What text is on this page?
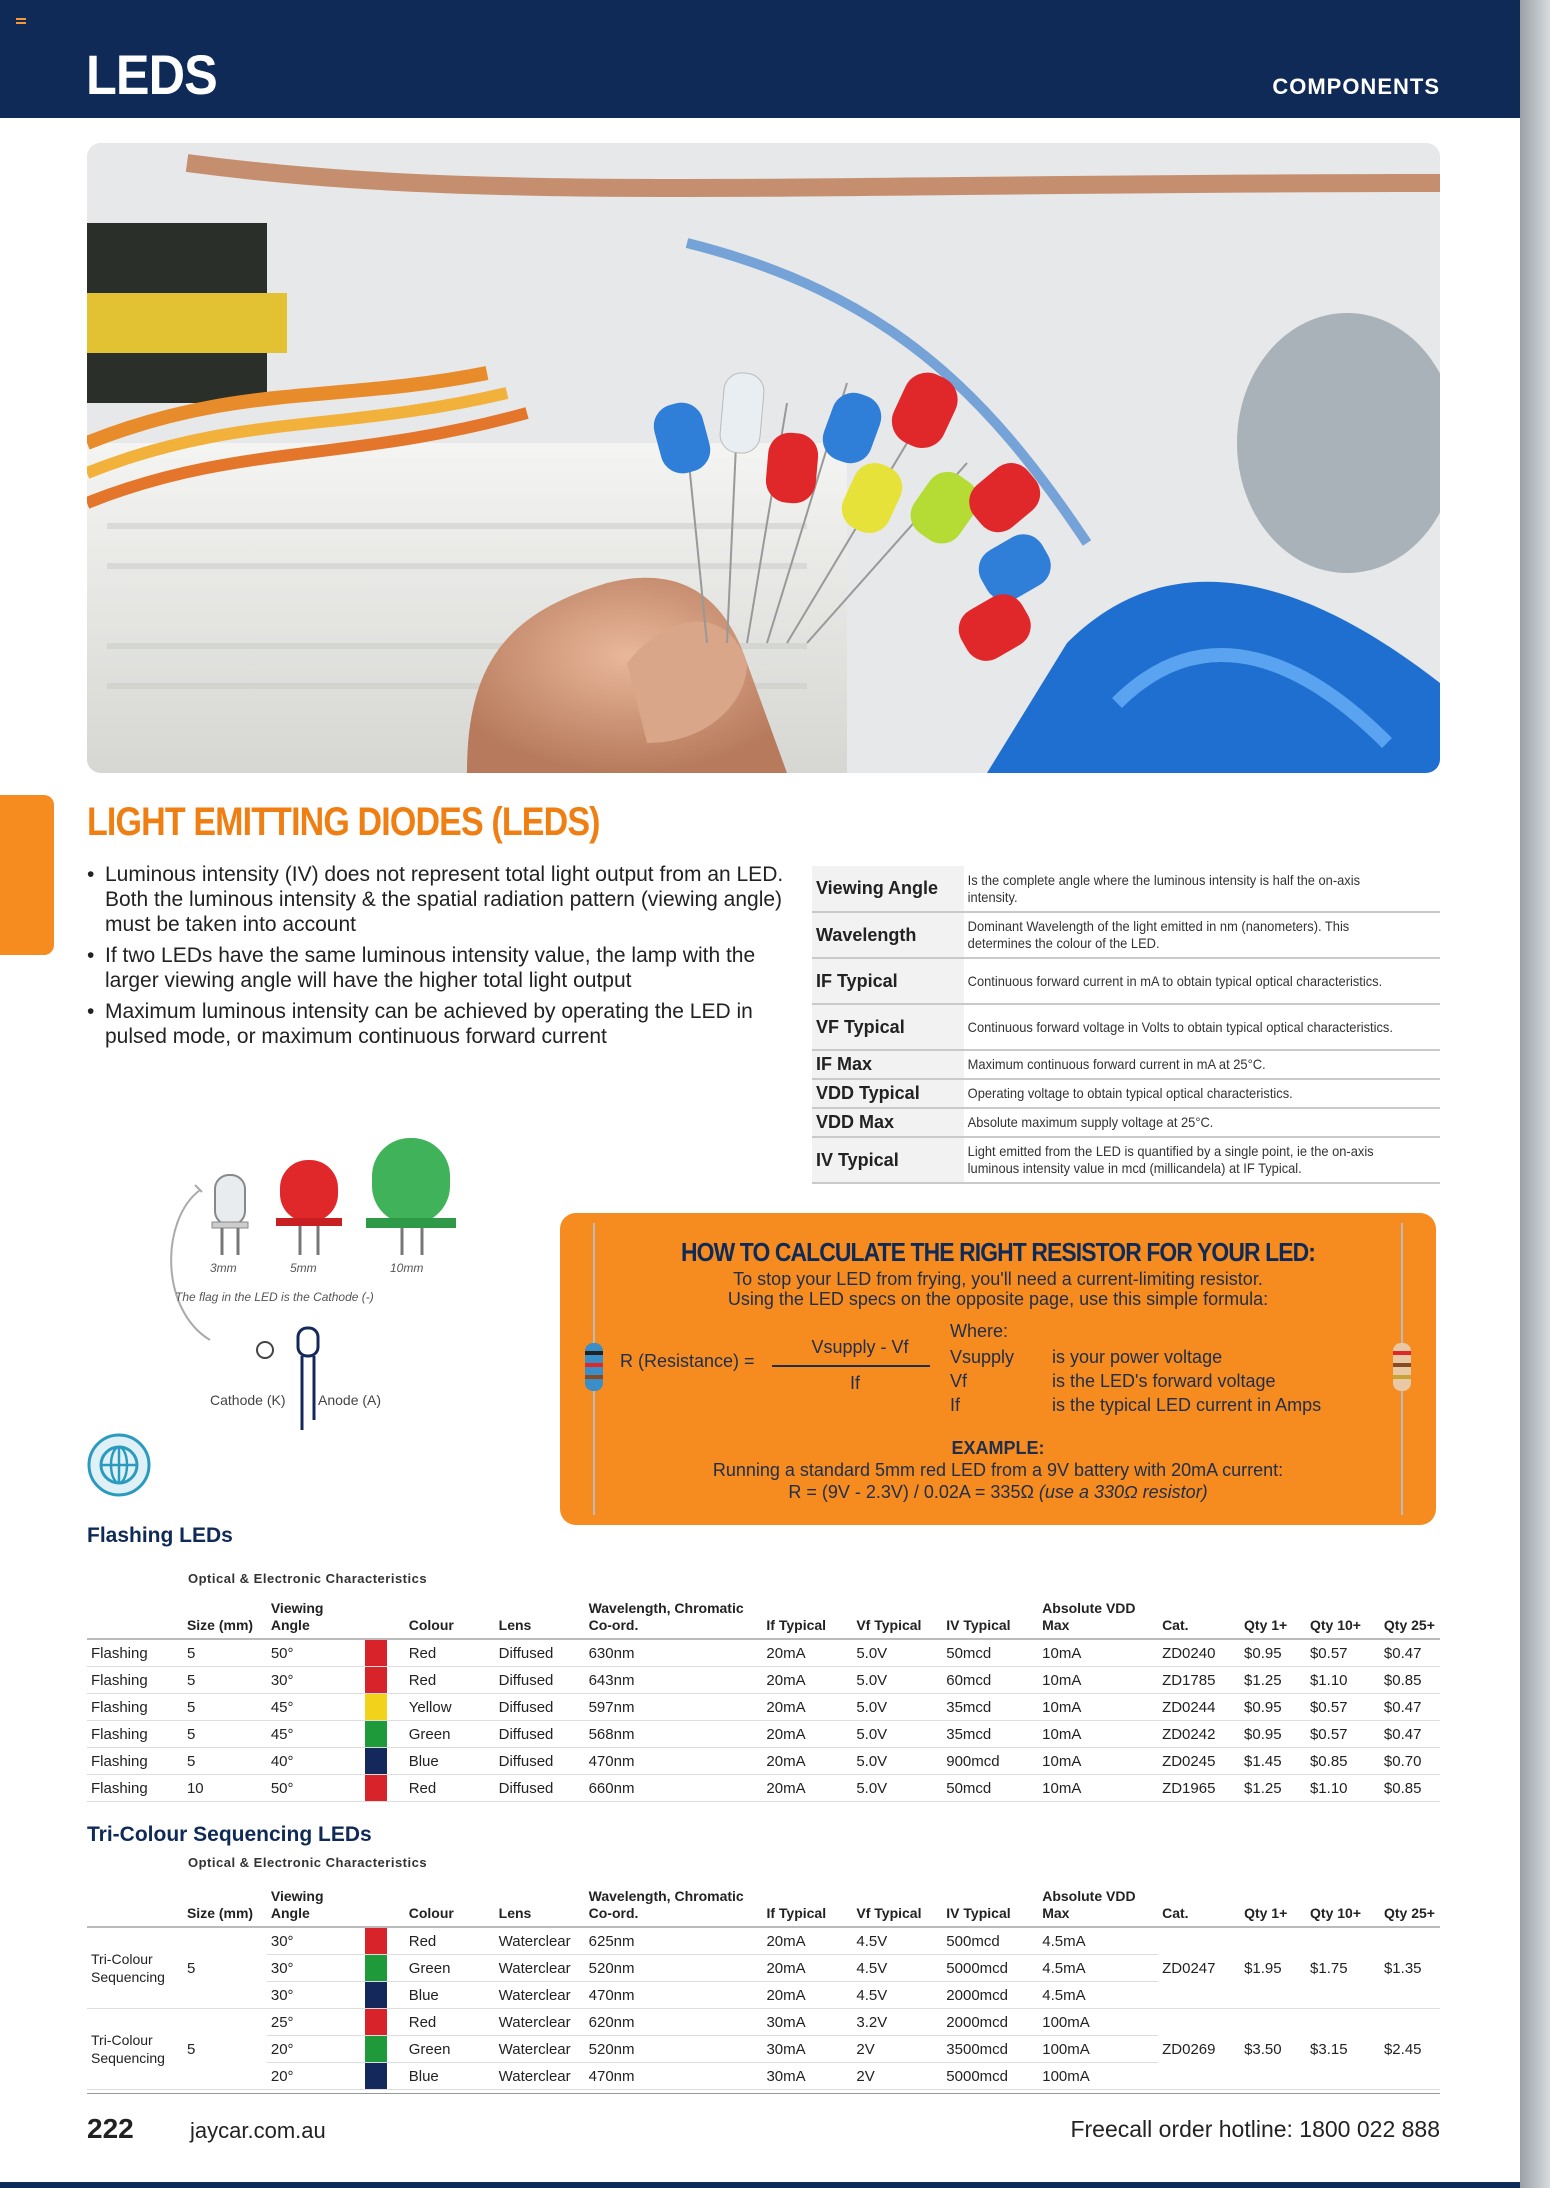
LEDS	COMPONENTS
LIGHT EMITTING DIODES (LEDS)
• Luminous intensity (IV) does not represent total light output from an LED. Both the luminous intensity & the spatial radiation pattern (viewing angle) must be taken into account
• If two LEDs have the same luminous intensity value, the lamp with the larger viewing angle will have the higher total light output
• Maximum luminous intensity can be achieved by operating the LED in pulsed mode, or maximum continuous forward current
Viewing Angle	Is the complete angle where the luminous intensity is half the on-axis intensity.
Wavelength	Dominant Wavelength of the light emitted in nm (nanometers). This determines the colour of the LED.
IF Typical	Continuous forward current in mA to obtain typical optical characteristics.
VF Typical	Continuous forward voltage in Volts to obtain typical optical characteristics.
IF Max	Maximum continuous forward current in mA at 25°C.
VDD Typical	Operating voltage to obtain typical optical characteristics.
VDD Max	Absolute maximum supply voltage at 25°C.
IV Typical	Light emitted from the LED is quantified by a single point, ie the on-axis luminous intensity value in mcd (millicandela) at IF Typical.
3mm	5mm	10mm
The flag in the LED is the Cathode (-)
Cathode (K) Anode (A)
HOW TO CALCULATE THE RIGHT RESISTOR FOR YOUR LED:
To stop your LED from frying, you'll need a current-limiting resistor.
Using the LED specs on the opposite page, use this simple formula:
R (Resistance) =
Vsupply - Vf
If
Where:
Vsupply is your power voltage
Vf	is the LED's forward voltage
If	is the typical LED current in Amps
EXAMPLE:
Running a standard 5mm red LED from a 9V battery with 20mA current:
R = (9V - 2.3V) / 0.02A = 335Ω (use a 330Ω resistor)
Flashing LEDs
Optical & Electronic Characteristics
	Size (mm)	Viewing Angle		Colour	Lens	Wavelength, Chromatic Co-ord.	If Typical	Vf Typical	IV Typical	Absolute VDD Max	Cat.	Qty 1+	Qty 10+	Qty 25+
Flashing	5	50°		Red	Diffused	630nm	20mA	5.0V	50mcd	10mA	ZD0240	$0.95	$0.57	$0.47
Flashing	5	30°		Red	Diffused	643nm	20mA	5.0V	60mcd	10mA	ZD1785	$1.25	$1.10	$0.85
Flashing	5	45°		Yellow	Diffused	597nm	20mA	5.0V	35mcd	10mA	ZD0244	$0.95	$0.57	$0.47
Flashing	5	45°		Green	Diffused	568nm	20mA	5.0V	35mcd	10mA	ZD0242	$0.95	$0.57	$0.47
Flashing	5	40°		Blue	Diffused	470nm	20mA	5.0V	900mcd	10mA	ZD0245	$1.45	$0.85	$0.70
Flashing	10	50°		Red	Diffused	660nm	20mA	5.0V	50mcd	10mA	ZD1965	$1.25	$1.10	$0.85
Tri-Colour Sequencing LEDs
Optical & Electronic Characteristics
	Size (mm)	Viewing Angle		Colour	Lens	Wavelength, Chromatic Co-ord.	If Typical	Vf Typical	IV Typical	Absolute VDD Max	Cat.	Qty 1+	Qty 10+	Qty 25+
Tri-Colour Sequencing	5	30°		Red	Waterclear	625nm	20mA	4.5V	500mcd	4.5mA	ZD0247	$1.95	$1.75	$1.35
		30°		Green	Waterclear	520nm	20mA	4.5V	5000mcd	4.5mA				
		30°		Blue	Waterclear	470nm	20mA	4.5V	2000mcd	4.5mA				
Tri-Colour Sequencing	5	25°		Red	Waterclear	620nm	30mA	3.2V	2000mcd	100mA	ZD0269	$3.50	$3.15	$2.45
		20°		Green	Waterclear	520nm	30mA	2V	3500mcd	100mA				
		20°		Blue	Waterclear	470nm	30mA	2V	5000mcd	100mA				
222	jaycar.com.au	Freecall order hotline: 1800 022 888
